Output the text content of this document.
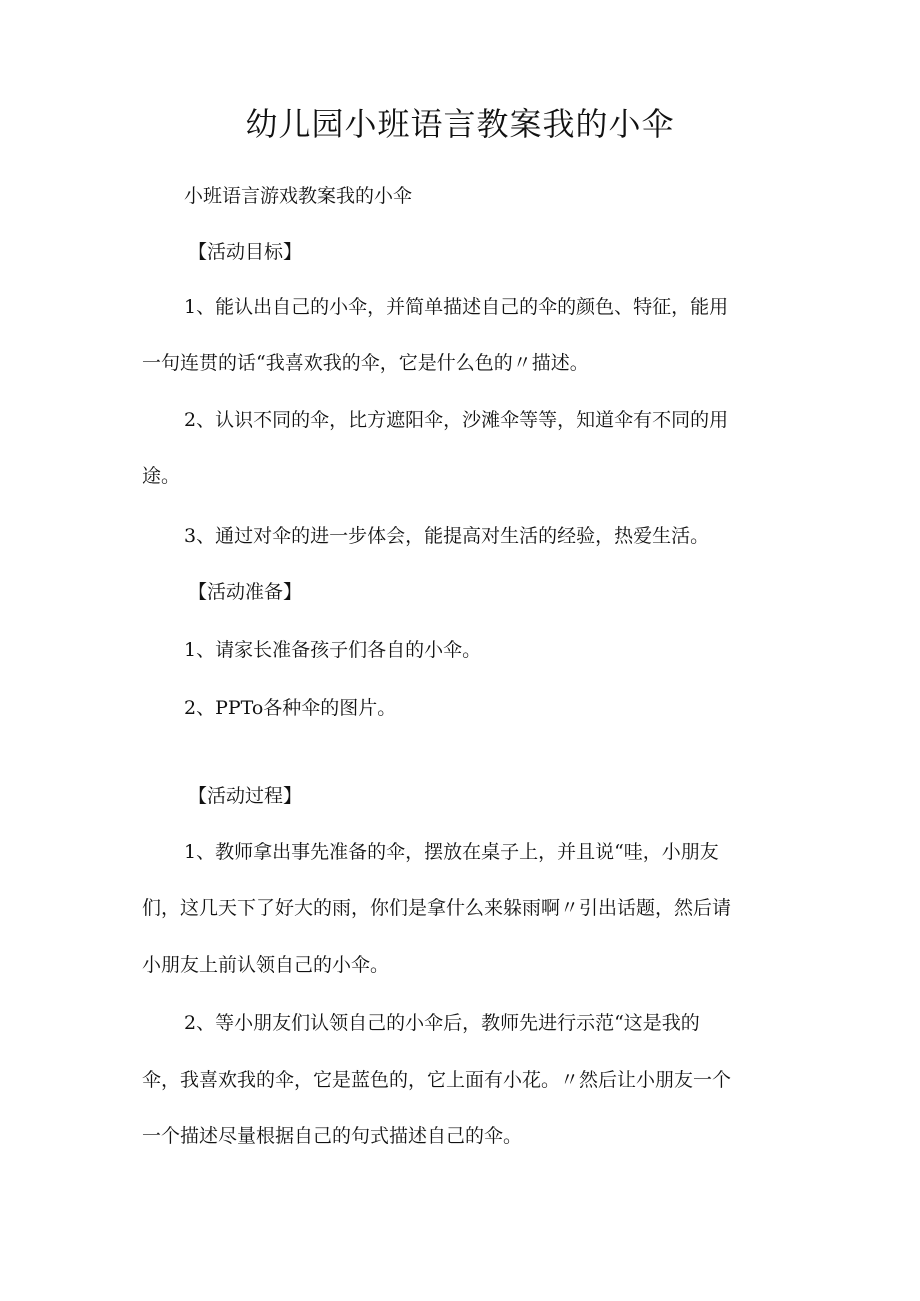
幼儿园小班语言教案我的小伞

小班语言游戏教案我的小伞

【活动目标】

1、能认出自己的小伞，并简单描述自己的伞的颜色、特征，能用

一句连贯的话“我喜欢我的伞，它是什么色的〃描述。

2、认识不同的伞，比方遮阳伞，沙滩伞等等，知道伞有不同的用

途。

3、通过对伞的进一步体会，能提高对生活的经验，热爱生活。

【活动准备】

1、请家长准备孩子们各自的小伞。

2、PPTo各种伞的图片。

【活动过程】

1、教师拿出事先准备的伞，摆放在桌子上，并且说“哇，小朋友

们，这几天下了好大的雨，你们是拿什么来躲雨啊〃引出话题，然后请

小朋友上前认领自己的小伞。

2、等小朋友们认领自己的小伞后，教师先进行示范“这是我的

伞，我喜欢我的伞，它是蓝色的，它上面有小花。〃然后让小朋友一个

一个描述尽量根据自己的句式描述自己的伞。
